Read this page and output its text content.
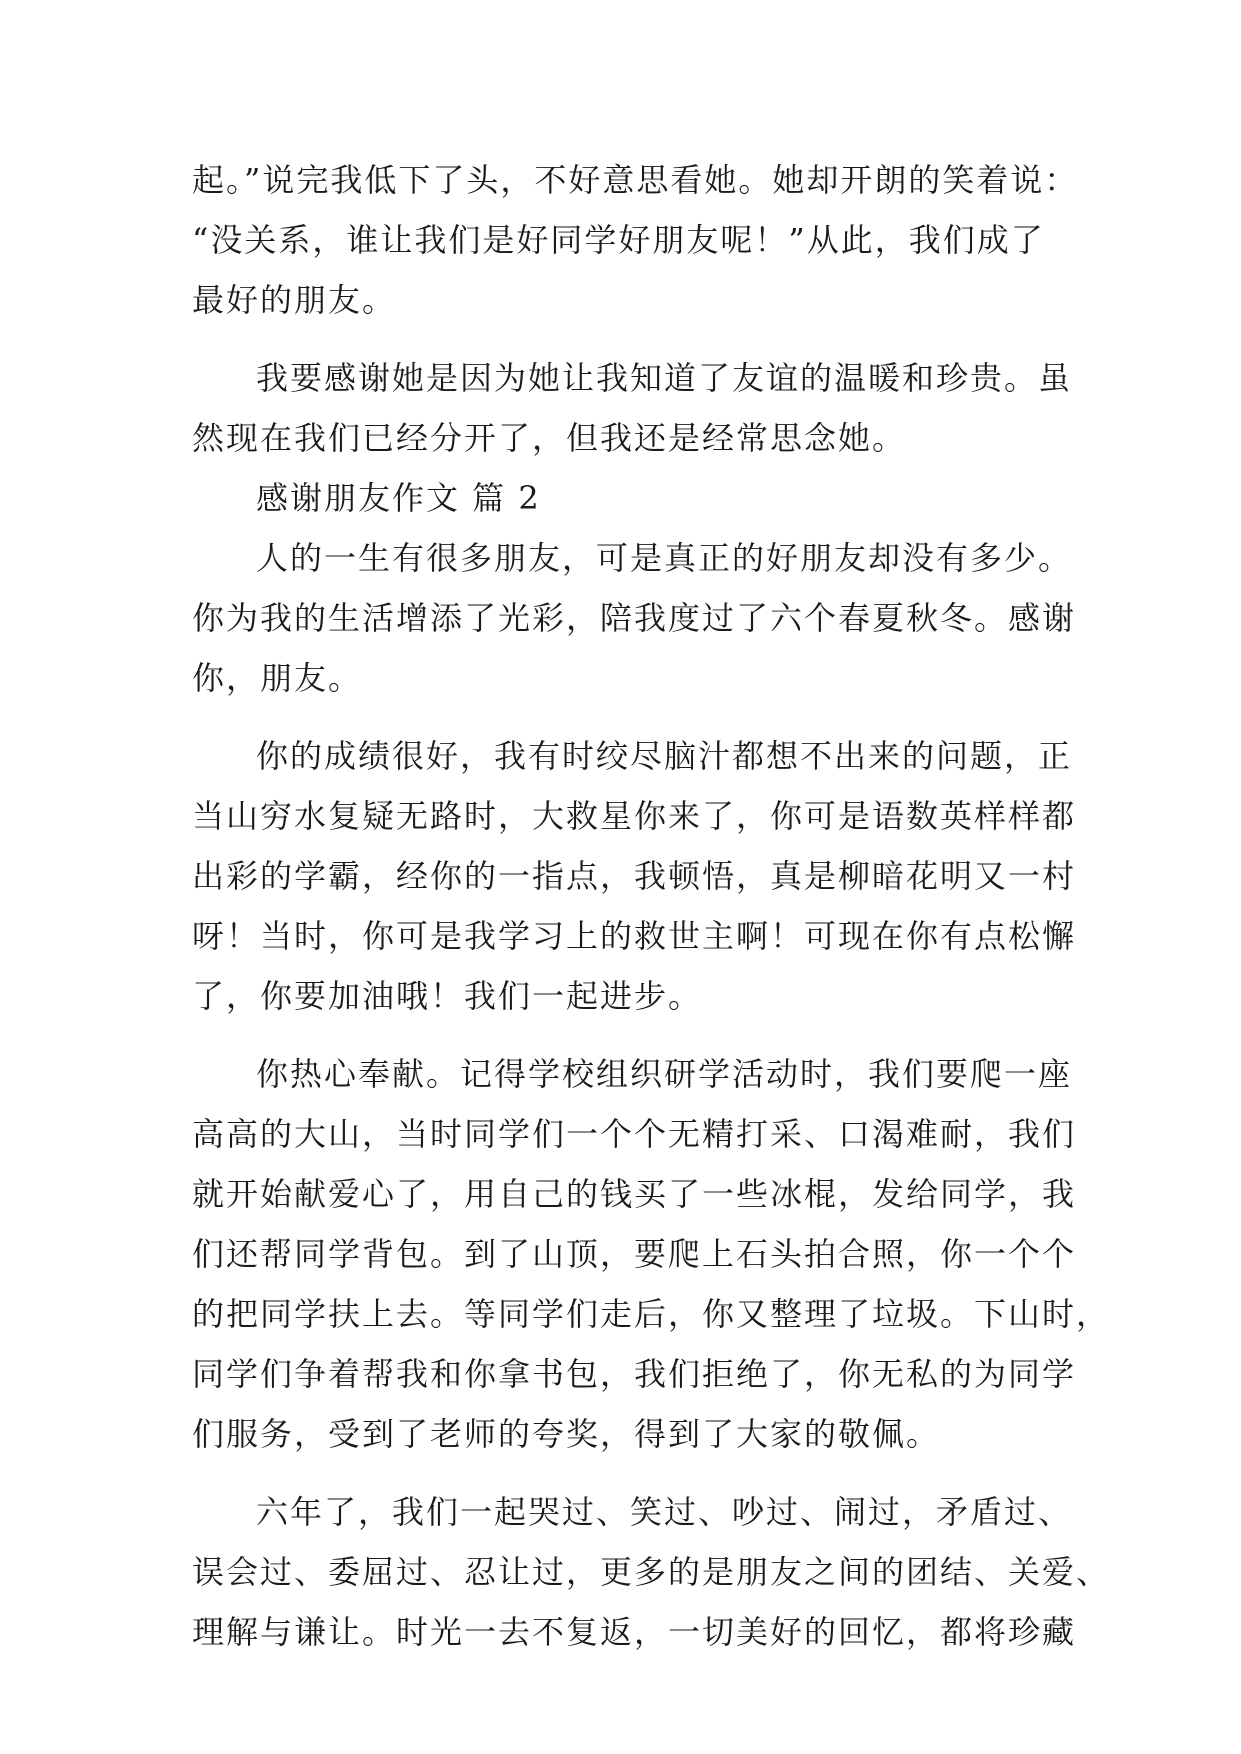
起。”说完我低下了头，不好意思看她。她却开朗的笑着说：
“没关系，谁让我们是好同学好朋友呢！”从此，我们成了
最好的朋友。
我要感谢她是因为她让我知道了友谊的温暖和珍贵。虽
然现在我们已经分开了，但我还是经常思念她。
感谢朋友作文 篇 2
人的一生有很多朋友，可是真正的好朋友却没有多少。
你为我的生活增添了光彩，陪我度过了六个春夏秋冬。感谢
你，朋友。
你的成绩很好，我有时绞尽脑汁都想不出来的问题，正
当山穷水复疑无路时，大救星你来了，你可是语数英样样都
出彩的学霸，经你的一指点，我顿悟，真是柳暗花明又一村
呀！当时，你可是我学习上的救世主啊！可现在你有点松懈
了，你要加油哦！我们一起进步。
你热心奉献。记得学校组织研学活动时，我们要爬一座
高高的大山，当时同学们一个个无精打采、口渴难耐，我们
就开始献爱心了，用自己的钱买了一些冰棍，发给同学，我
们还帮同学背包。到了山顶，要爬上石头拍合照，你一个个
的把同学扶上去。等同学们走后，你又整理了垃圾。下山时，
同学们争着帮我和你拿书包，我们拒绝了，你无私的为同学
们服务，受到了老师的夸奖，得到了大家的敬佩。
六年了，我们一起哭过、笑过、吵过、闹过，矛盾过、
误会过、委屈过、忍让过，更多的是朋友之间的团结、关爱、
理解与谦让。时光一去不复返，一切美好的回忆，都将珍藏
